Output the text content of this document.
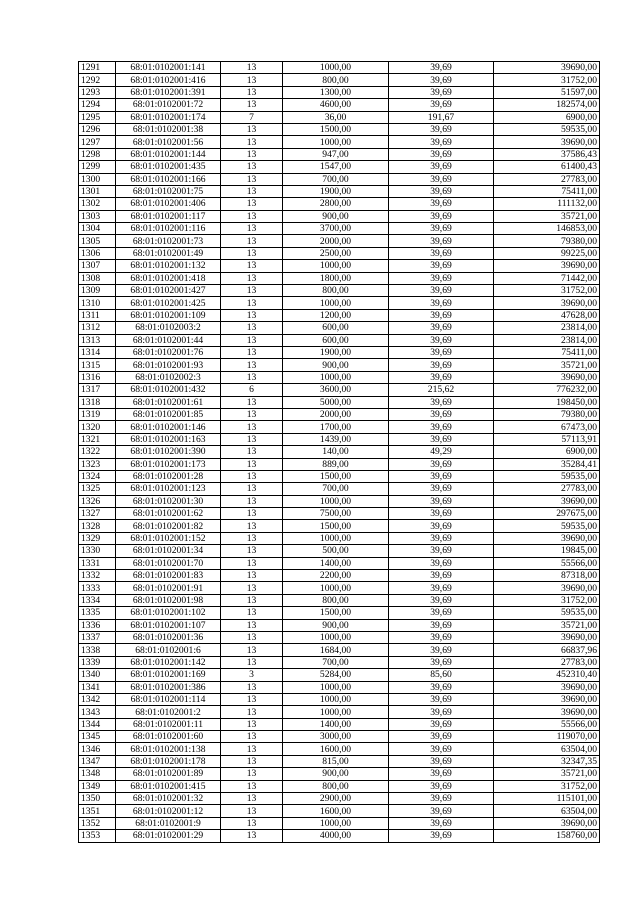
1291	68:01:0102001:141	13	1000,00	39,69	39690,00
1292	68:01:0102001:416	13	800,00	39,69	31752,00
1293	68:01:0102001:391	13	1300,00	39,69	51597,00
1294	68:01:0102001:72	13	4600,00	39,69	182574,00
1295	68:01:0102001:174	7	36,00	191,67	6900,00
1296	68:01:0102001:38	13	1500,00	39,69	59535,00
1297	68:01:0102001:56	13	1000,00	39,69	39690,00
1298	68:01:0102001:144	13	947,00	39,69	37586,43
1299	68:01:0102001:435	13	1547,00	39,69	61400,43
1300	68:01:0102001:166	13	700,00	39,69	27783,00
1301	68:01:0102001:75	13	1900,00	39,69	75411,00
1302	68:01:0102001:406	13	2800,00	39,69	111132,00
1303	68:01:0102001:117	13	900,00	39,69	35721,00
1304	68:01:0102001:116	13	3700,00	39,69	146853,00
1305	68:01:0102001:73	13	2000,00	39,69	79380,00
1306	68:01:0102001:49	13	2500,00	39,69	99225,00
1307	68:01:0102001:132	13	1000,00	39,69	39690,00
1308	68:01:0102001:418	13	1800,00	39,69	71442,00
1309	68:01:0102001:427	13	800,00	39,69	31752,00
1310	68:01:0102001:425	13	1000,00	39,69	39690,00
1311	68:01:0102001:109	13	1200,00	39,69	47628,00
1312	68:01:0102003:2	13	600,00	39,69	23814,00
1313	68:01:0102001:44	13	600,00	39,69	23814,00
1314	68:01:0102001:76	13	1900,00	39,69	75411,00
1315	68:01:0102001:93	13	900,00	39,69	35721,00
1316	68:01:0102002:3	13	1000,00	39,69	39690,00
1317	68:01:0102001:432	6	3600,00	215,62	776232,00
1318	68:01:0102001:61	13	5000,00	39,69	198450,00
1319	68:01:0102001:85	13	2000,00	39,69	79380,00
1320	68:01:0102001:146	13	1700,00	39,69	67473,00
1321	68:01:0102001:163	13	1439,00	39,69	57113,91
1322	68:01:0102001:390	13	140,00	49,29	6900,00
1323	68:01:0102001:173	13	889,00	39,69	35284,41
1324	68:01:0102001:28	13	1500,00	39,69	59535,00
1325	68:01:0102001:123	13	700,00	39,69	27783,00
1326	68:01:0102001:30	13	1000,00	39,69	39690,00
1327	68:01:0102001:62	13	7500,00	39,69	297675,00
1328	68:01:0102001:82	13	1500,00	39,69	59535,00
1329	68:01:0102001:152	13	1000,00	39,69	39690,00
1330	68:01:0102001:34	13	500,00	39,69	19845,00
1331	68:01:0102001:70	13	1400,00	39,69	55566,00
1332	68:01:0102001:83	13	2200,00	39,69	87318,00
1333	68:01:0102001:91	13	1000,00	39,69	39690,00
1334	68:01:0102001:98	13	800,00	39,69	31752,00
1335	68:01:0102001:102	13	1500,00	39,69	59535,00
1336	68:01:0102001:107	13	900,00	39,69	35721,00
1337	68:01:0102001:36	13	1000,00	39,69	39690,00
1338	68:01:0102001:6	13	1684,00	39,69	66837,96
1339	68:01:0102001:142	13	700,00	39,69	27783,00
1340	68:01:0102001:169	3	5284,00	85,60	452310,40
1341	68:01:0102001:386	13	1000,00	39,69	39690,00
1342	68:01:0102001:114	13	1000,00	39,69	39690,00
1343	68:01:0102001:2	13	1000,00	39,69	39690,00
1344	68:01:0102001:11	13	1400,00	39,69	55566,00
1345	68:01:0102001:60	13	3000,00	39,69	119070,00
1346	68:01:0102001:138	13	1600,00	39,69	63504,00
1347	68:01:0102001:178	13	815,00	39,69	32347,35
1348	68:01:0102001:89	13	900,00	39,69	35721,00
1349	68:01:0102001:415	13	800,00	39,69	31752,00
1350	68:01:0102001:32	13	2900,00	39,69	115101,00
1351	68:01:0102001:12	13	1600,00	39,69	63504,00
1352	68:01:0102001:9	13	1000,00	39,69	39690,00
1353	68:01:0102001:29	13	4000,00	39,69	158760,00
